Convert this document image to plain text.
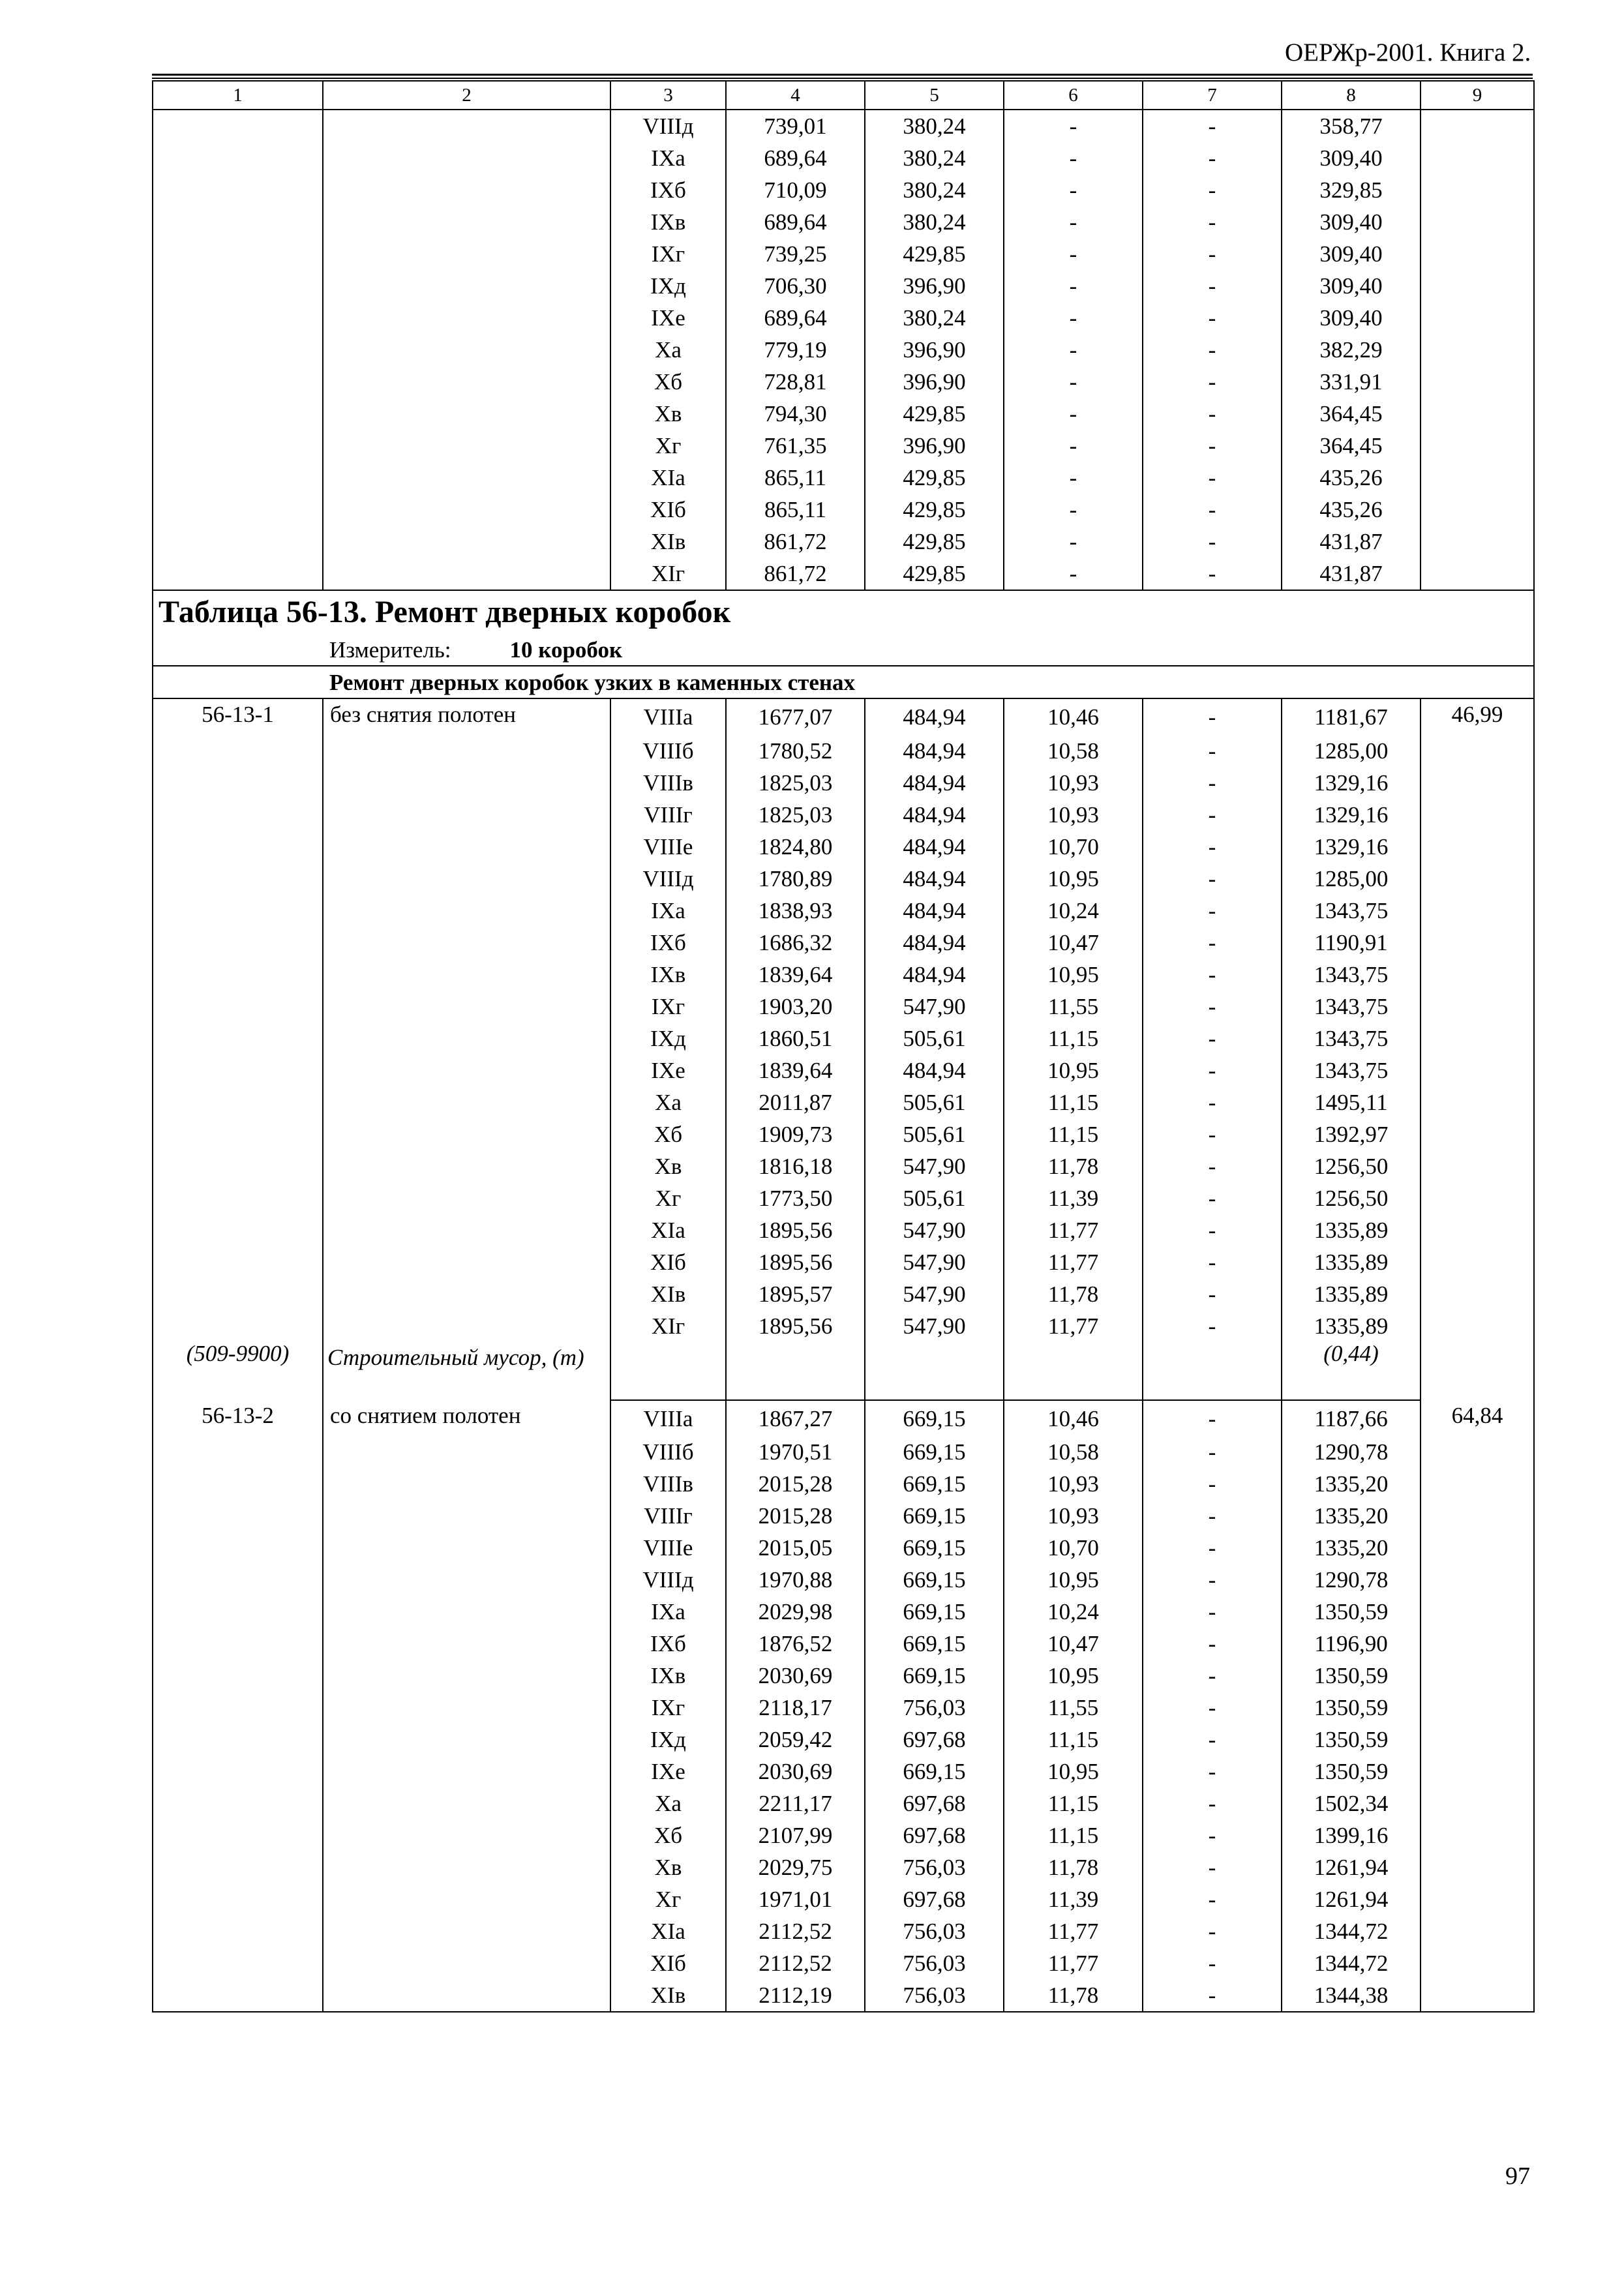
ОЕРЖр-2001. Книга 2.
1	2	3	4	5	6	7	8	9
		VIIIд	739,01	380,24	-	-	358,77	
		IXа	689,64	380,24	-	-	309,40	
		IXб	710,09	380,24	-	-	329,85	
		IXв	689,64	380,24	-	-	309,40	
		IXг	739,25	429,85	-	-	309,40	
		IXд	706,30	396,90	-	-	309,40	
		IXе	689,64	380,24	-	-	309,40	
		Xа	779,19	396,90	-	-	382,29	
		Xб	728,81	396,90	-	-	331,91	
		Xв	794,30	429,85	-	-	364,45	
		Xг	761,35	396,90	-	-	364,45	
		XIа	865,11	429,85	-	-	435,26	
		XIб	865,11	429,85	-	-	435,26	
		XIв	861,72	429,85	-	-	431,87	
		XIг	861,72	429,85	-	-	431,87	
Таблица 56-13. Ремонт дверных коробок								
Измеритель: 10 коробок								
Ремонт дверных коробок узких в каменных стенах								
56-13-1	без снятия полотен	VIIIа	1677,07	484,94	10,46	-	1181,67	46,99
		VIIIб	1780,52	484,94	10,58	-	1285,00	
		VIIIв	1825,03	484,94	10,93	-	1329,16	
		VIIIг	1825,03	484,94	10,93	-	1329,16	
		VIIIе	1824,80	484,94	10,70	-	1329,16	
		VIIIд	1780,89	484,94	10,95	-	1285,00	
		IXа	1838,93	484,94	10,24	-	1343,75	
		IXб	1686,32	484,94	10,47	-	1190,91	
		IXв	1839,64	484,94	10,95	-	1343,75	
		IXг	1903,20	547,90	11,55	-	1343,75	
		IXд	1860,51	505,61	11,15	-	1343,75	
		IXе	1839,64	484,94	10,95	-	1343,75	
		Xа	2011,87	505,61	11,15	-	1495,11	
		Xб	1909,73	505,61	11,15	-	1392,97	
		Xв	1816,18	547,90	11,78	-	1256,50	
		Xг	1773,50	505,61	11,39	-	1256,50	
		XIа	1895,56	547,90	11,77	-	1335,89	
		XIб	1895,56	547,90	11,77	-	1335,89	
		XIв	1895,57	547,90	11,78	-	1335,89	
		XIг	1895,56	547,90	11,77	-	1335,89	
(509-9900)	Строительный мусор, (т)						(0,44)	
56-13-2	со снятием полотен	VIIIа	1867,27	669,15	10,46	-	1187,66	64,84
		VIIIб	1970,51	669,15	10,58	-	1290,78	
		VIIIв	2015,28	669,15	10,93	-	1335,20	
		VIIIг	2015,28	669,15	10,93	-	1335,20	
		VIIIе	2015,05	669,15	10,70	-	1335,20	
		VIIIд	1970,88	669,15	10,95	-	1290,78	
		IXа	2029,98	669,15	10,24	-	1350,59	
		IXб	1876,52	669,15	10,47	-	1196,90	
		IXв	2030,69	669,15	10,95	-	1350,59	
		IXг	2118,17	756,03	11,55	-	1350,59	
		IXд	2059,42	697,68	11,15	-	1350,59	
		IXе	2030,69	669,15	10,95	-	1350,59	
		Xа	2211,17	697,68	11,15	-	1502,34	
		Xб	2107,99	697,68	11,15	-	1399,16	
		Xв	2029,75	756,03	11,78	-	1261,94	
		Xг	1971,01	697,68	11,39	-	1261,94	
		XIа	2112,52	756,03	11,77	-	1344,72	
		XIб	2112,52	756,03	11,77	-	1344,72	
		XIв	2112,19	756,03	11,78	-	1344,38	
97
